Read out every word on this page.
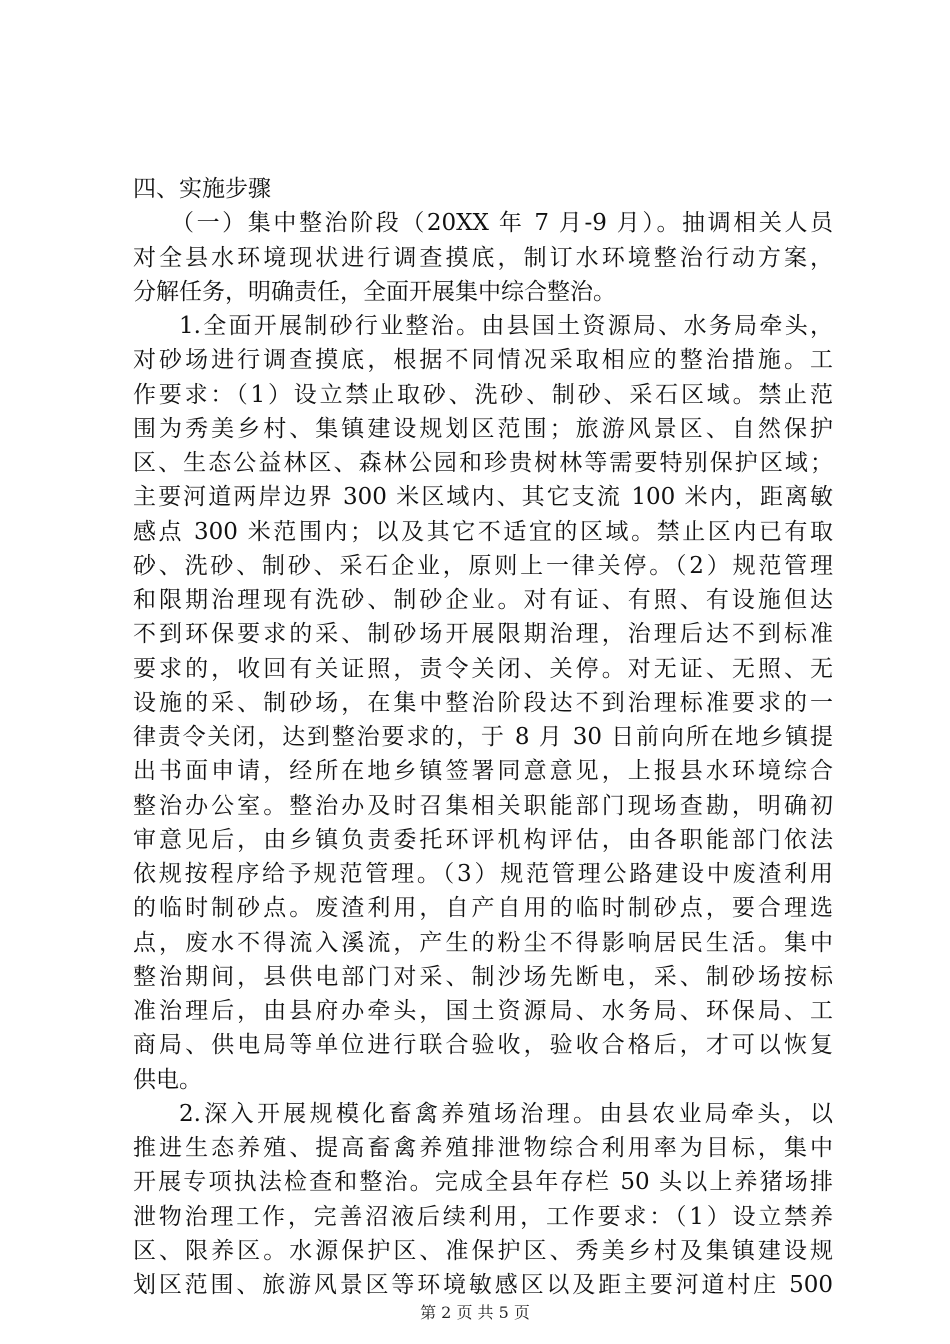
四、实施步骤
（一）集中整治阶段（20XX 年 7 月-9 月）。抽调相关人员
对全县水环境现状进行调查摸底，制订水环境整治行动方案，
分解任务，明确责任，全面开展集中综合整治。
1.全面开展制砂行业整治。由县国土资源局、水务局牵头，
对砂场进行调查摸底，根据不同情况采取相应的整治措施。工
作要求：（1）设立禁止取砂、洗砂、制砂、采石区域。禁止范
围为秀美乡村、集镇建设规划区范围；旅游风景区、自然保护
区、生态公益林区、森林公园和珍贵树林等需要特别保护区域；
主要河道两岸边界 300 米区域内、其它支流 100 米内，距离敏
感点 300 米范围内；以及其它不适宜的区域。禁止区内已有取
砂、洗砂、制砂、采石企业，原则上一律关停。（2）规范管理
和限期治理现有洗砂、制砂企业。对有证、有照、有设施但达
不到环保要求的采、制砂场开展限期治理，治理后达不到标准
要求的，收回有关证照，责令关闭、关停。对无证、无照、无
设施的采、制砂场，在集中整治阶段达不到治理标准要求的一
律责令关闭，达到整治要求的，于 8 月 30 日前向所在地乡镇提
出书面申请，经所在地乡镇签署同意意见，上报县水环境综合
整治办公室。整治办及时召集相关职能部门现场查勘，明确初
审意见后，由乡镇负责委托环评机构评估，由各职能部门依法
依规按程序给予规范管理。（3）规范管理公路建设中废渣利用
的临时制砂点。废渣利用，自产自用的临时制砂点，要合理选
点，废水不得流入溪流，产生的粉尘不得影响居民生活。集中
整治期间，县供电部门对采、制沙场先断电，采、制砂场按标
准治理后，由县府办牵头，国土资源局、水务局、环保局、工
商局、供电局等单位进行联合验收，验收合格后，才可以恢复
供电。
2.深入开展规模化畜禽养殖场治理。由县农业局牵头，以
推进生态养殖、提高畜禽养殖排泄物综合利用率为目标，集中
开展专项执法检查和整治。完成全县年存栏 50 头以上养猪场排
泄物治理工作，完善沼液后续利用，工作要求：（1）设立禁养
区、限养区。水源保护区、准保护区、秀美乡村及集镇建设规
划区范围、旅游风景区等环境敏感区以及距主要河道村庄 500
第 2 页 共 5 页
